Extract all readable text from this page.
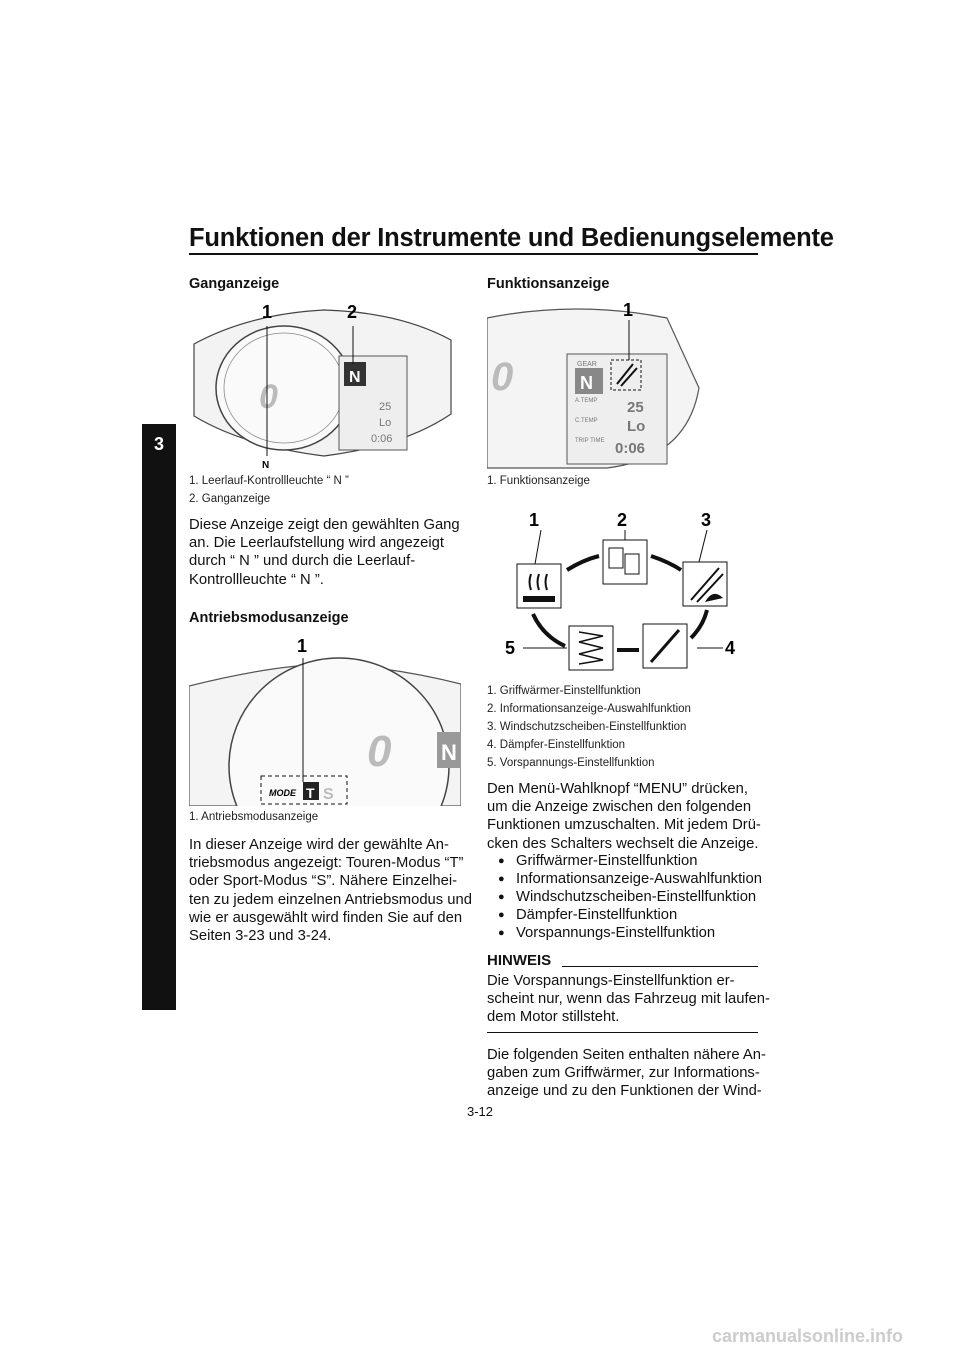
Funktionen der Instrumente und Bedienungselemente
3
Ganganzeige
N
25
Lo
0:06
0
1	2
N
1. Leerlauf-Kontrollleuchte “ N ”
2. Ganganzeige
Diese Anzeige zeigt den gewählten Gang
an. Die Leerlaufstellung wird angezeigt
durch “ N ” und durch die Leerlauf-
Kontrollleuchte “ N ”.
Antriebsmodusanzeige
0 N
MODE T S
1
1. Antriebsmodusanzeige
In dieser Anzeige wird der gewählte An-
triebsmodus angezeigt: Touren-Modus “T”
oder Sport-Modus “S”. Nähere Einzelhei-
ten zu jedem einzelnen Antriebsmodus und
wie er ausgewählt wird finden Sie auf den
Seiten 3-23 und 3-24.
Funktionsanzeige
0	GEAR
N
A.TEMP 25
C.TEMP Lo
TRIP TIME 0:06
1
1. Funktionsanzeige
1	2	3
5	4
1. Griffwärmer-Einstellfunktion
2. Informationsanzeige-Auswahlfunktion
3. Windschutzscheiben-Einstellfunktion
4. Dämpfer-Einstellfunktion
5. Vorspannungs-Einstellfunktion
Den Menü-Wahlknopf “MENU” drücken,
um die Anzeige zwischen den folgenden
Funktionen umzuschalten. Mit jedem Drü-
cken des Schalters wechselt die Anzeige.
● Griffwärmer-Einstellfunktion
● Informationsanzeige-Auswahlfunktion
● Windschutzscheiben-Einstellfunktion
● Dämpfer-Einstellfunktion
● Vorspannungs-Einstellfunktion
HINWEIS
Die Vorspannungs-Einstellfunktion er-
scheint nur, wenn das Fahrzeug mit laufen-
dem Motor stillsteht.
Die folgenden Seiten enthalten nähere An-
gaben zum Griffwärmer, zur Informations-
anzeige und zu den Funktionen der Wind-
3-12
carmanualsonline.info
